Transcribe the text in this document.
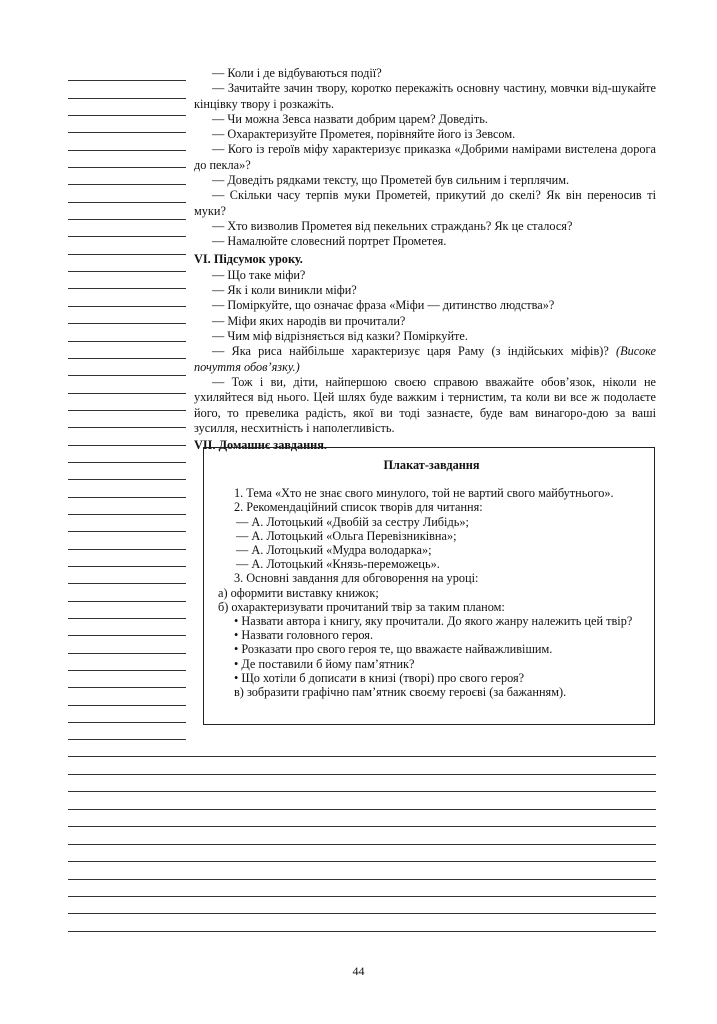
— Коли і де відбуваються події?

— Зачитайте зачин твору, коротко перекажіть основну частину, мовчки від-шукайте кінцівку твору і розкажіть.

— Чи можна Зевса назвати добрим царем? Доведіть.

— Охарактеризуйте Прометея, порівняйте його із Зевсом.

— Кого із героїв міфу характеризує приказка «Добрими намірами вистелена дорога до пекла»?

— Доведіть рядками тексту, що Прометей був сильним і терплячим.

— Скільки часу терпів муки Прометей, прикутий до скелі? Як він переносив ті муки?

— Хто визволив Прометея від пекельних страждань? Як це сталося?

— Намалюйте словесний портрет Прометея.

VI. Підсумок уроку.

— Що таке міфи?

— Як і коли виникли міфи?

— Поміркуйте, що означає фраза «Міфи — дитинство людства»?

— Міфи яких народів ви прочитали?

— Чим міф відрізняється від казки? Поміркуйте.

— Яка риса найбільше характеризує царя Раму (з індійських міфів)? (Високе почуття обов’язку.)

— Тож і ви, діти, найпершою своєю справою вважайте обов’язок, ніколи не ухиляйтеся від нього. Цей шлях буде важким і тернистим, та коли ви все ж подолаєте його, то превелика радість, якої ви тоді зазнаєте, буде вам винагоро-дою за ваші зусилля, несхитність і наполегливість.

VII. Домашнє завдання.
Плакат-завдання

1. Тема «Хто не знає свого минулого, той не вартий свого майбутнього».

2. Рекомендаційний список творів для читання:

— А. Лотоцький «Двобій за сестру Либідь»;

— А. Лотоцький «Ольга Перевізниківна»;

— А. Лотоцький «Мудра володарка»;

— А. Лотоцький «Князь-переможець».

3. Основні завдання для обговорення на уроці:

а) оформити виставку книжок;

б) охарактеризувати прочитаний твір за таким планом:

• Назвати автора і книгу, яку прочитали. До якого жанру належить цей твір?

• Назвати головного героя.

• Розказати про свого героя те, що вважаєте найважливішим.

• Де поставили б йому пам’ятник?

• Що хотіли б дописати в книзі (творі) про свого героя?

в) зобразити графічно пам’ятник своєму героєві (за бажанням).

44
